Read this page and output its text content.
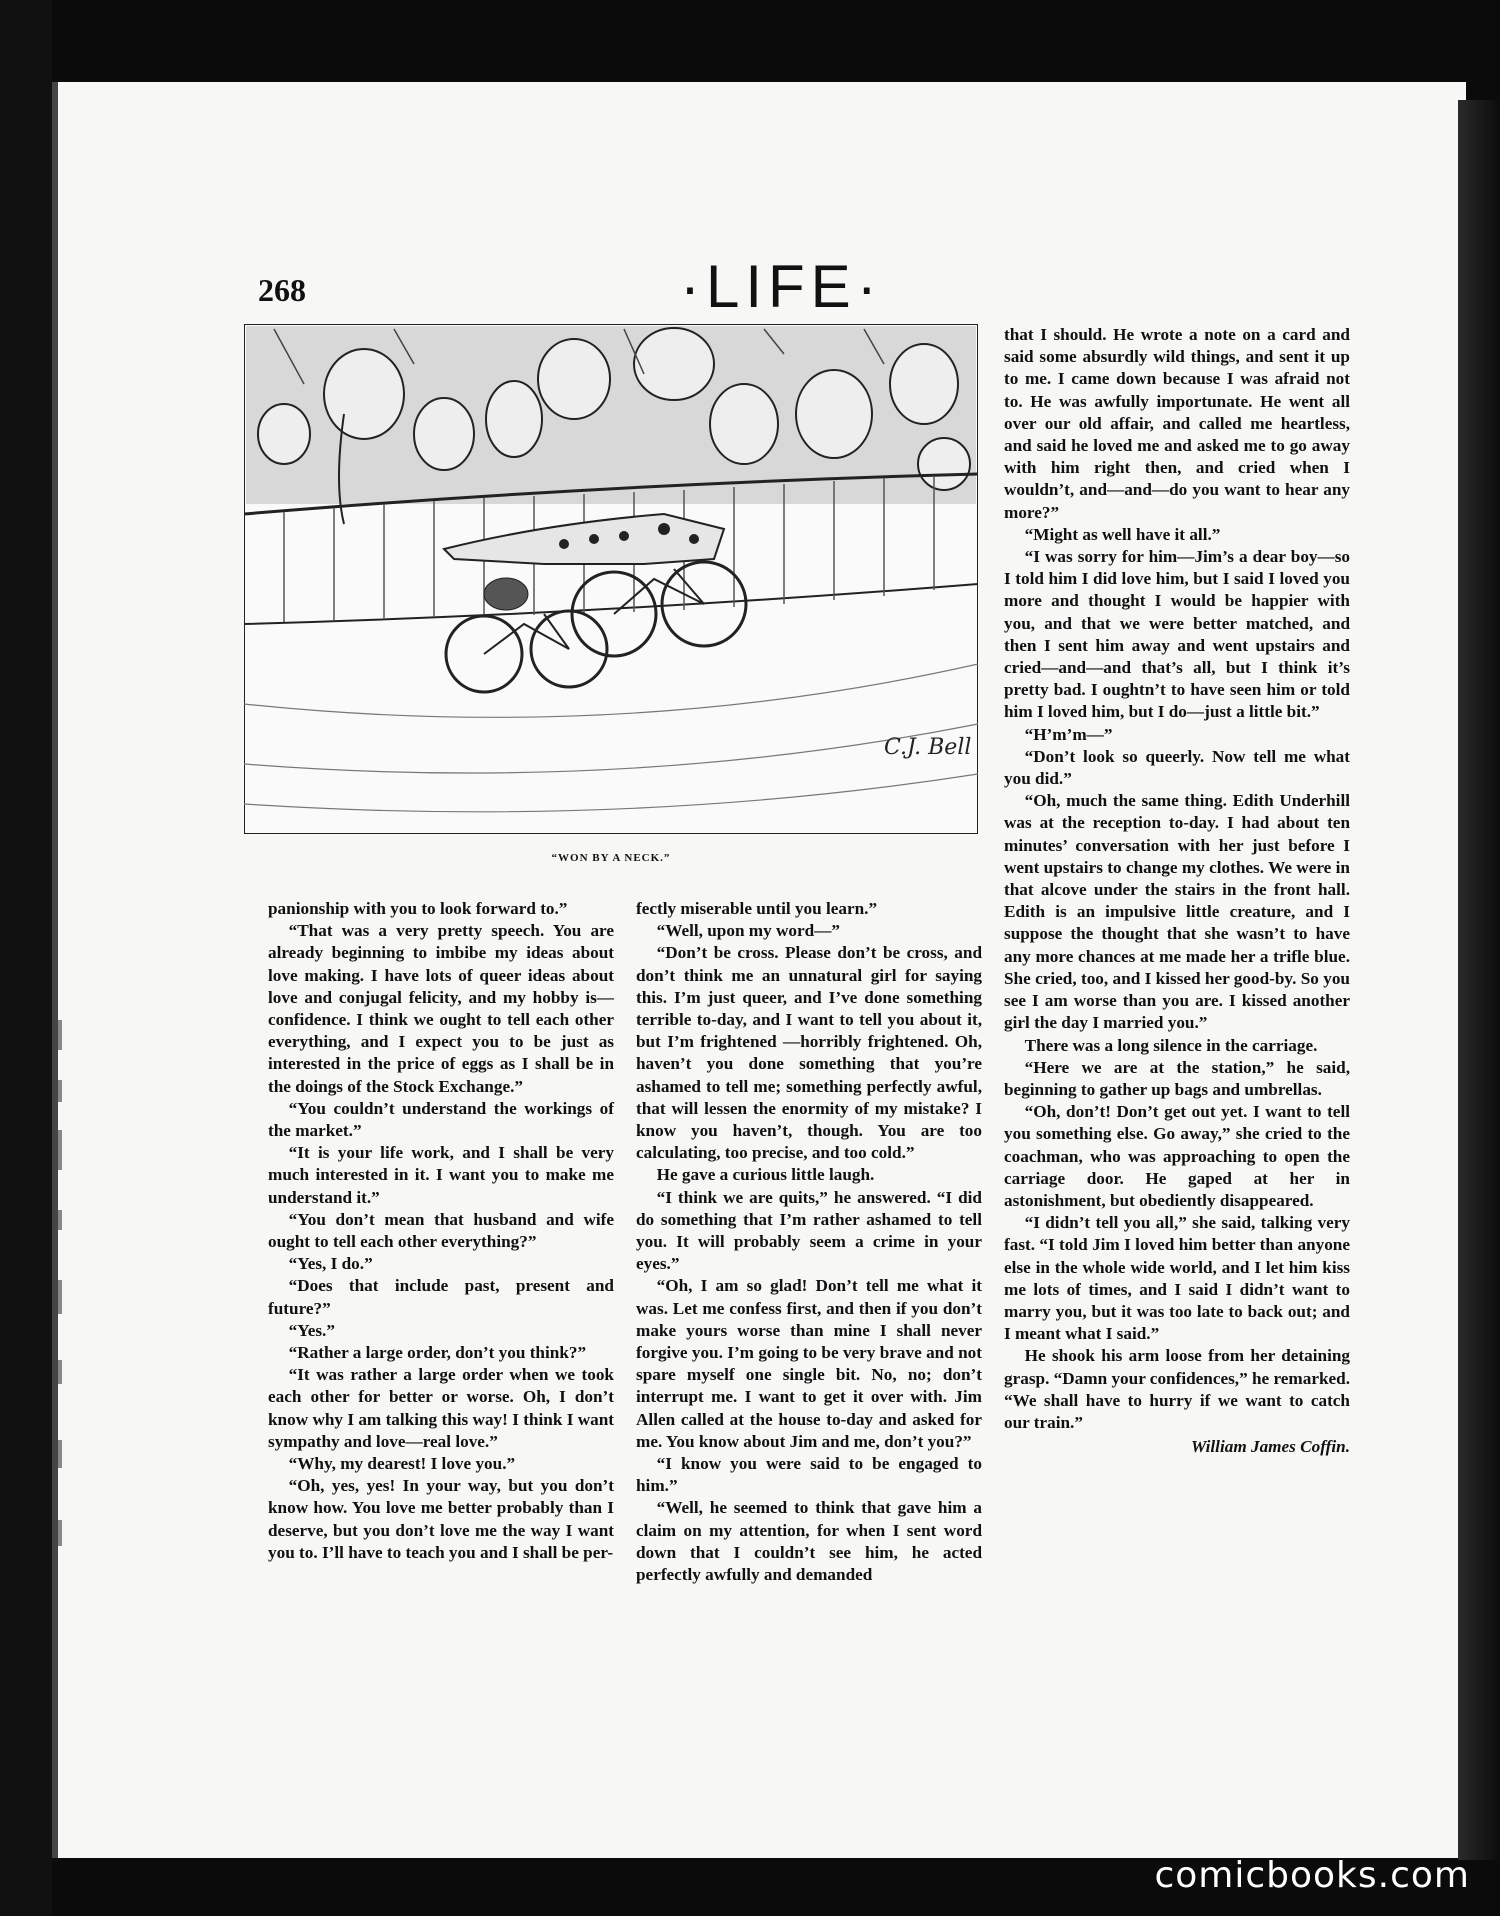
268	·LIFE·
C.J. Bell
“WON BY A NECK.”

panionship with you to look forward to.”

“That was a very pretty speech. You are already beginning to imbibe my ideas about love making. I have lots of queer ideas about love and conjugal felicity, and my hobby is—confidence. I think we ought to tell each other everything, and I expect you to be just as interested in the price of eggs as I shall be in the doings of the Stock Exchange.”

“You couldn’t understand the workings of the market.”

“It is your life work, and I shall be very much interested in it. I want you to make me understand it.”

“You don’t mean that husband and wife ought to tell each other everything?”

“Yes, I do.”

“Does that include past, present and future?”

“Yes.”

“Rather a large order, don’t you think?”

“It was rather a large order when we took each other for better or worse. Oh, I don’t know why I am talking this way! I think I want sympathy and love—real love.”

“Why, my dearest! I love you.”

“Oh, yes, yes! In your way, but you don’t know how. You love me better probably than I deserve, but you don’t love me the way I want you to. I’ll have to teach you and I shall be per-

fectly miserable until you learn.”

“Well, upon my word—”

“Don’t be cross. Please don’t be cross, and don’t think me an unnatural girl for saying this. I’m just queer, and I’ve done something terrible to-day, and I want to tell you about it, but I’m frightened —horribly frightened. Oh, haven’t you done something that you’re ashamed to tell me; something perfectly awful, that will lessen the enormity of my mistake? I know you haven’t, though. You are too calculating, too precise, and too cold.”

He gave a curious little laugh.

“I think we are quits,” he answered. “I did do something that I’m rather ashamed to tell you. It will probably seem a crime in your eyes.”

“Oh, I am so glad! Don’t tell me what it was. Let me confess first, and then if you don’t make yours worse than mine I shall never forgive you. I’m going to be very brave and not spare myself one single bit. No, no; don’t interrupt me. I want to get it over with. Jim Allen called at the house to-day and asked for me. You know about Jim and me, don’t you?”

“I know you were said to be engaged to him.”

“Well, he seemed to think that gave him a claim on my attention, for when I sent word down that I couldn’t see him, he acted perfectly awfully and demanded

that I should. He wrote a note on a card and said some absurdly wild things, and sent it up to me. I came down because I was afraid not to. He was awfully importunate. He went all over our old affair, and called me heartless, and said he loved me and asked me to go away with him right then, and cried when I wouldn’t, and—and—do you want to hear any more?”

“Might as well have it all.”

“I was sorry for him—Jim’s a dear boy—so I told him I did love him, but I said I loved you more and thought I would be happier with you, and that we were better matched, and then I sent him away and went upstairs and cried—and—and that’s all, but I think it’s pretty bad. I oughtn’t to have seen him or told him I loved him, but I do—just a little bit.”

“H’m’m—”

“Don’t look so queerly. Now tell me what you did.”

“Oh, much the same thing. Edith Underhill was at the reception to-day. I had about ten minutes’ conversation with her just before I went upstairs to change my clothes. We were in that alcove under the stairs in the front hall. Edith is an impulsive little creature, and I suppose the thought that she wasn’t to have any more chances at me made her a trifle blue. She cried, too, and I kissed her good-by. So you see I am worse than you are. I kissed another girl the day I married you.”

There was a long silence in the carriage.

“Here we are at the station,” he said, beginning to gather up bags and umbrellas.

“Oh, don’t! Don’t get out yet. I want to tell you something else. Go away,” she cried to the coachman, who was approaching to open the carriage door. He gaped at her in astonishment, but obediently disappeared.

“I didn’t tell you all,” she said, talking very fast. “I told Jim I loved him better than anyone else in the whole wide world, and I let him kiss me lots of times, and I said I didn’t want to marry you, but it was too late to back out; and I meant what I said.”

He shook his arm loose from her detaining grasp. “Damn your confidences,” he remarked. “We shall have to hurry if we want to catch our train.”

William James Coffin.
comicbooks.com
